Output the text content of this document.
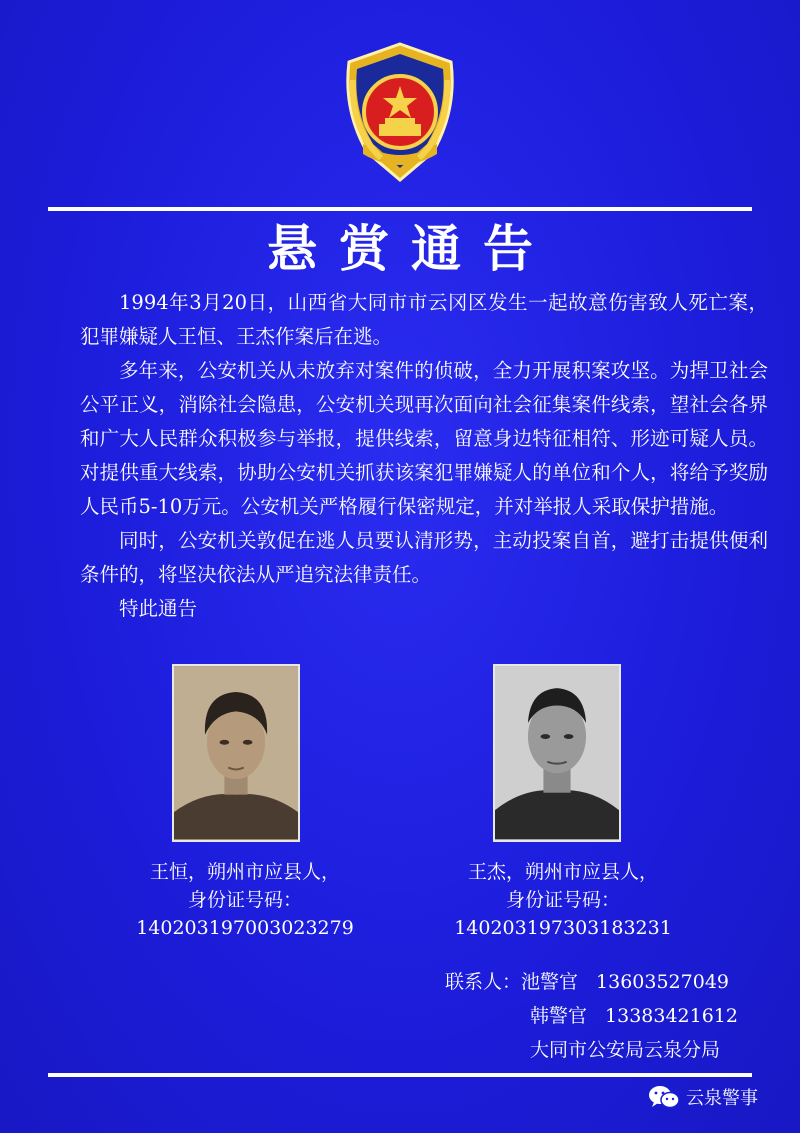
悬赏通告

1994年3月20日，山西省大同市市云冈区发生一起故意伤害致人死亡案，犯罪嫌疑人王恒、王杰作案后在逃。

多年来，公安机关从未放弃对案件的侦破，全力开展积案攻坚。为捍卫社会公平正义，消除社会隐患，公安机关现再次面向社会征集案件线索，望社会各界和广大人民群众积极参与举报，提供线索，留意身边特征相符、形迹可疑人员。对提供重大线索，协助公安机关抓获该案犯罪嫌疑人的单位和个人，将给予奖励人民币5-10万元。公安机关严格履行保密规定，并对举报人采取保护措施。

同时，公安机关敦促在逃人员要认清形势，主动投案自首，避打击提供便利条件的，将坚决依法从严追究法律责任。

特此通告

王恒，朔州市应县人，
身份证号码：
140203197003023279
王杰，朔州市应县人，
身份证号码：
140203197303183231
联系人：池警官 13603527049
韩警官 13383421612
大同市公安局云泉分局
云泉警事
